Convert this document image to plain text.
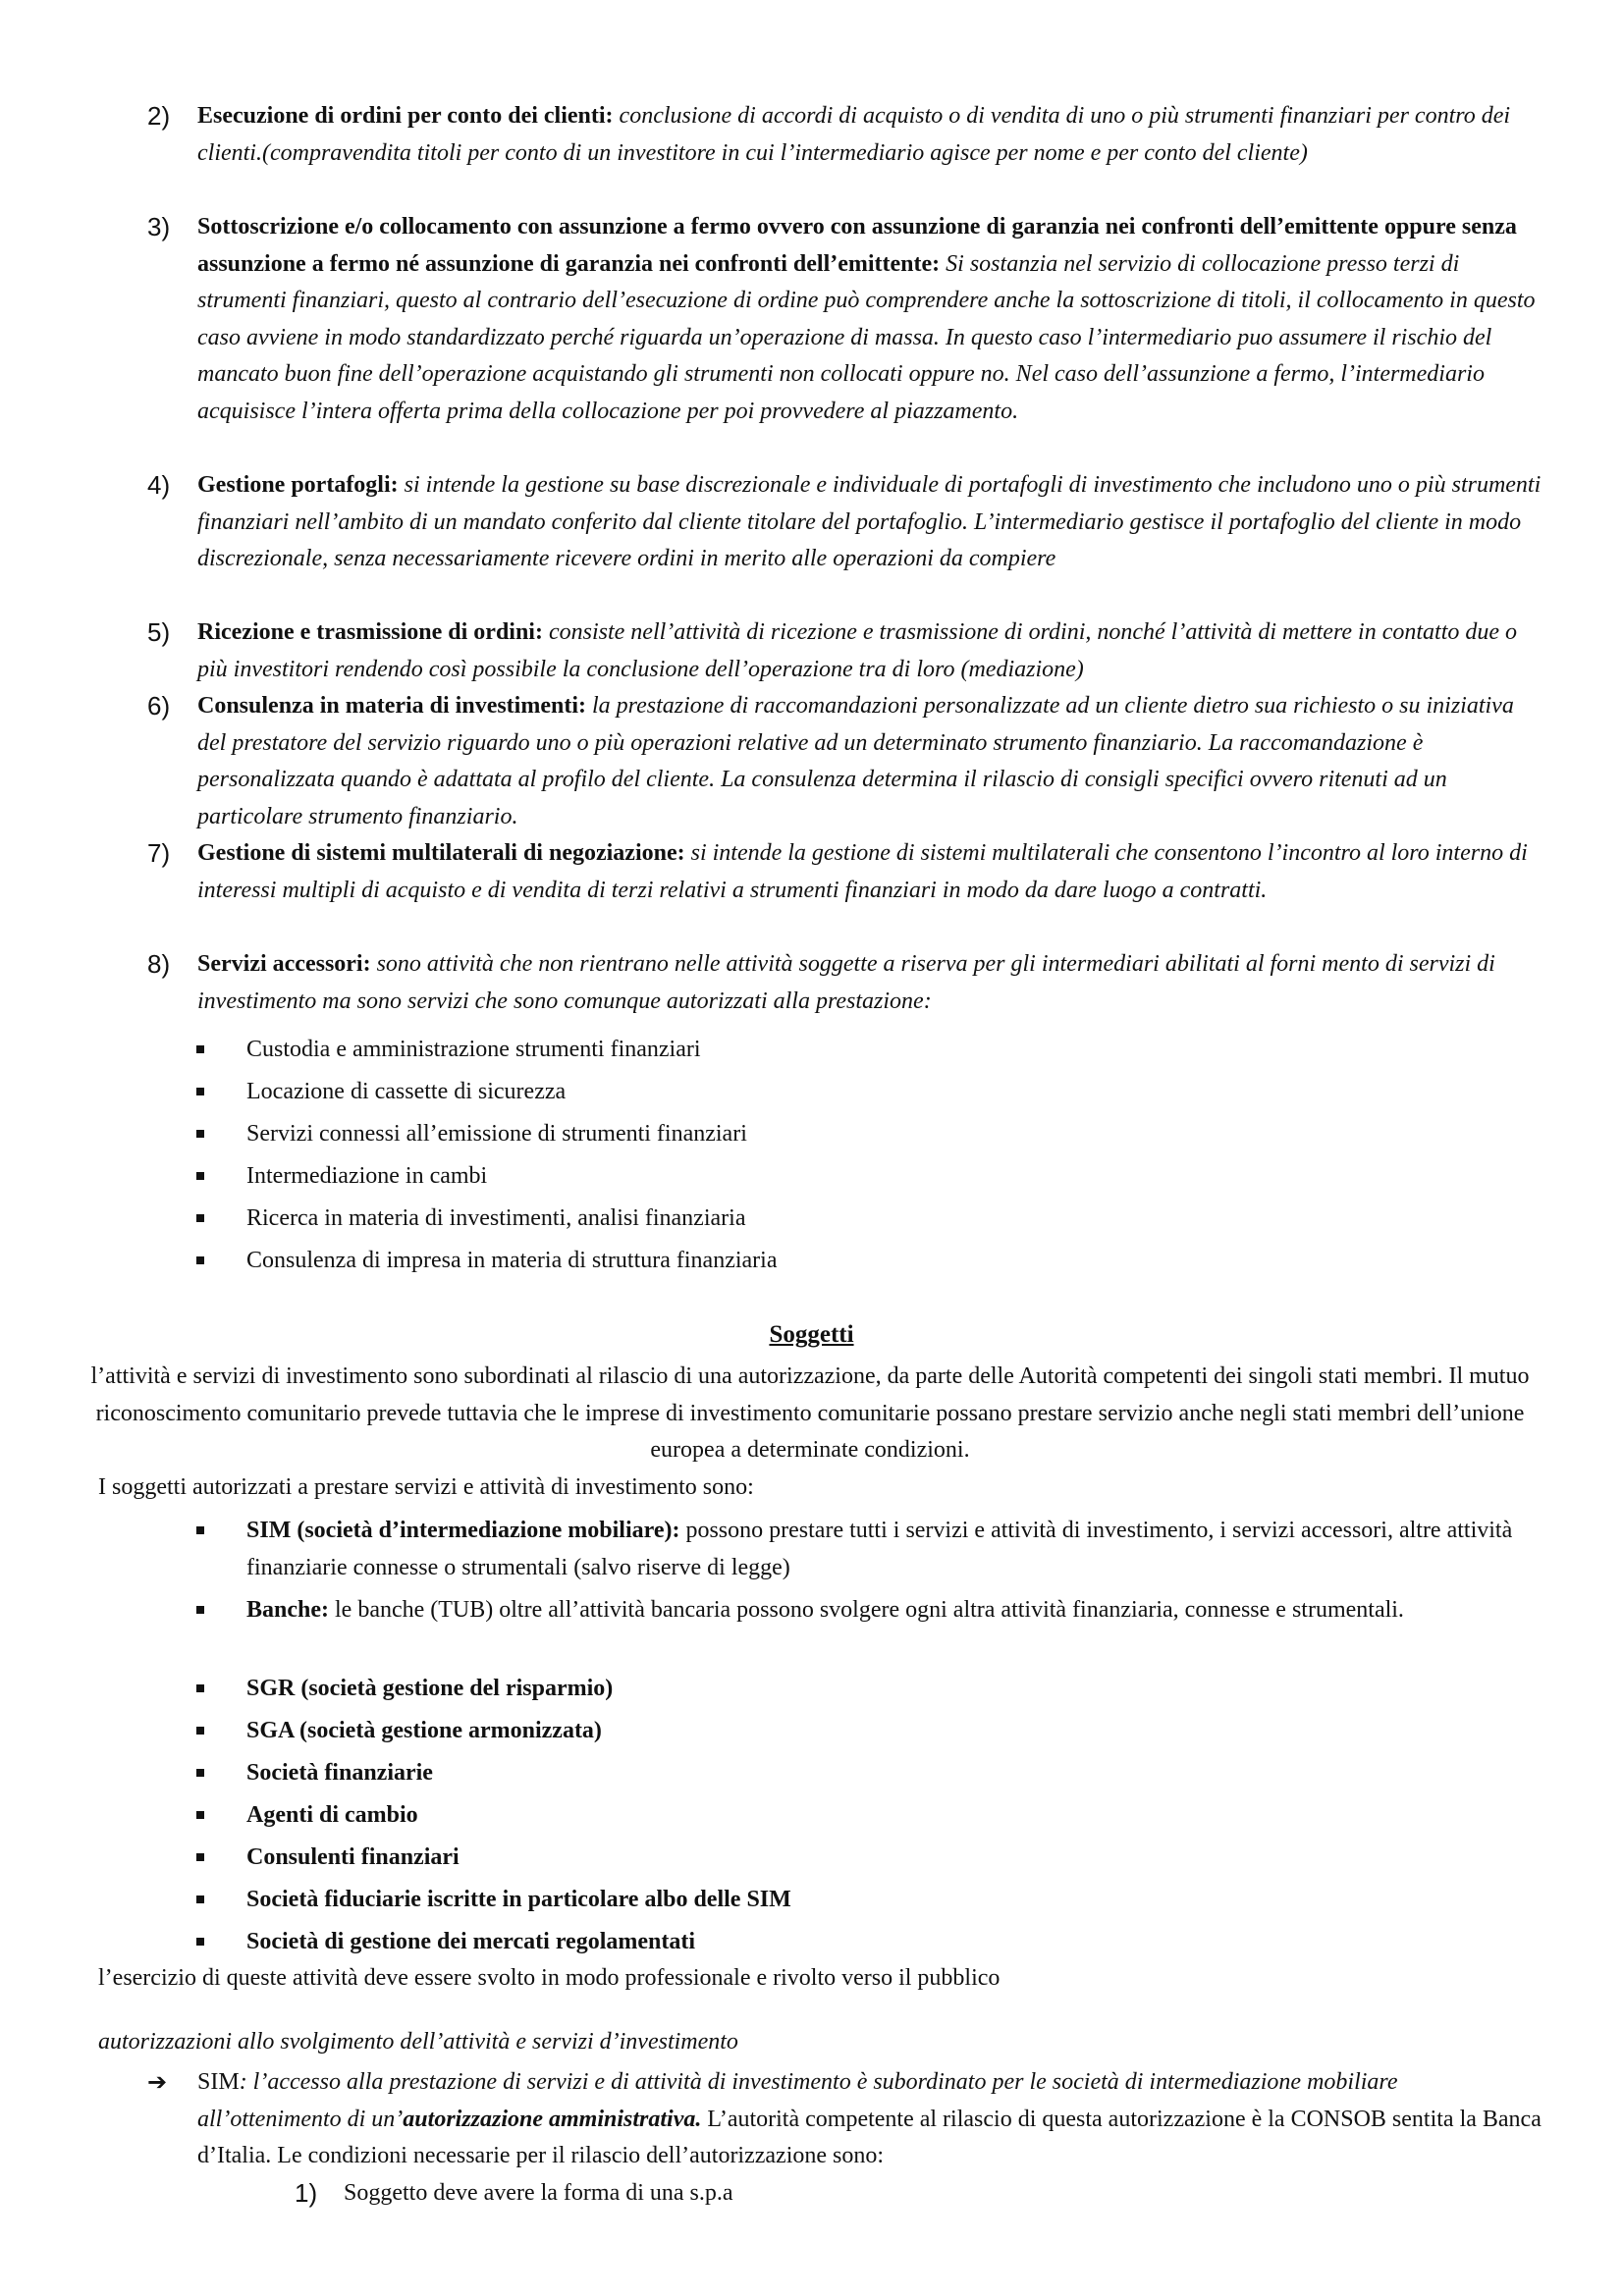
2) Esecuzione di ordini per conto dei clienti: conclusione di accordi di acquisto o di vendita di uno o più strumenti finanziari per contro dei clienti.(compravendita titoli per conto di un investitore in cui l’intermediario agisce per nome e per conto del cliente)
3) Sottoscrizione e/o collocamento con assunzione a fermo ovvero con assunzione di garanzia nei confronti dell’emittente oppure senza assunzione a fermo né assunzione di garanzia nei confronti dell’emittente: Si sostanzia nel servizio di collocazione presso terzi di strumenti finanziari, questo al contrario dell’esecuzione di ordine può comprendere anche la sottoscrizione di titoli, il collocamento in questo caso avviene in modo standardizzato perché riguarda un’operazione di massa. In questo caso l’intermediario puo assumere il rischio del mancato buon fine dell’operazione acquistando gli strumenti non collocati oppure no. Nel caso dell’assunzione a fermo, l’intermediario acquisisce l’intera offerta prima della collocazione per poi provvedere al piazzamento.
4) Gestione portafogli: si intende la gestione su base discrezionale e individuale di portafogli di investimento che includono uno o più strumenti finanziari nell’ambito di un mandato conferito dal cliente titolare del portafoglio. L’intermediario gestisce il portafoglio del cliente in modo discrezionale, senza necessariamente ricevere ordini in merito alle operazioni da compiere
5) Ricezione e trasmissione di ordini: consiste nell’attività di ricezione e trasmissione di ordini, nonché l’attività di mettere in contatto due o più investitori rendendo così possibile la conclusione dell’operazione tra di loro (mediazione)
6) Consulenza in materia di investimenti: la prestazione di raccomandazioni personalizzate ad un cliente dietro sua richiesto o su iniziativa del prestatore del servizio riguardo uno o più operazioni relative ad un determinato strumento finanziario. La raccomandazione è personalizzata quando è adattata al profilo del cliente. La consulenza determina il rilascio di consigli specifici ovvero ritenuti ad un particolare strumento finanziario.
7) Gestione di sistemi multilaterali di negoziazione: si intende la gestione di sistemi multilaterali che consentono l’incontro al loro interno di interessi multipli di acquisto e di vendita di terzi relativi a strumenti finanziari in modo da dare luogo a contratti.
8) Servizi accessori: sono attività che non rientrano nelle attività soggette a riserva per gli intermediari abilitati al forni mento di servizi di investimento ma sono servizi che sono comunque autorizzati alla prestazione:
Custodia e amministrazione strumenti finanziari
Locazione di cassette di sicurezza
Servizi connessi all’emissione di strumenti finanziari
Intermediazione in cambi
Ricerca in materia di investimenti, analisi finanziaria
Consulenza di impresa in materia di struttura finanziaria
Soggetti
l’attività e servizi di investimento sono subordinati al rilascio di una autorizzazione, da parte delle Autorità competenti dei singoli stati membri. Il mutuo riconoscimento comunitario prevede tuttavia che le imprese di investimento comunitarie possano prestare servizio anche negli stati membri dell’unione europea a determinate condizioni.
I soggetti autorizzati a prestare servizi e attività di investimento sono:
SIM (società d’intermediazione mobiliare): possono prestare tutti i servizi e attività di investimento, i servizi accessori, altre attività finanziarie connesse o strumentali (salvo riserve di legge)
Banche: le banche (TUB) oltre all’attività bancaria possono svolgere ogni altra attività finanziaria, connesse e strumentali.
SGR (società gestione del risparmio)
SGA (società gestione armonizzata)
Società finanziarie
Agenti di cambio
Consulenti finanziari
Società fiduciarie iscritte in particolare albo delle SIM
Società di gestione dei mercati regolamentati
l’esercizio di queste attività deve essere svolto in modo professionale e rivolto verso il pubblico
autorizzazioni allo svolgimento dell’attività e servizi d’investimento
➔ SIM: l’accesso alla prestazione di servizi e di attività di investimento è subordinato per le società di intermediazione mobiliare all’ottenimento di un’autorizzazione amministrativa. L’autorità competente al rilascio di questa autorizzazione è la CONSOB sentita la Banca d’Italia. Le condizioni necessarie per il rilascio dell’autorizzazione sono:
1) Soggetto deve avere la forma di una s.p.a
